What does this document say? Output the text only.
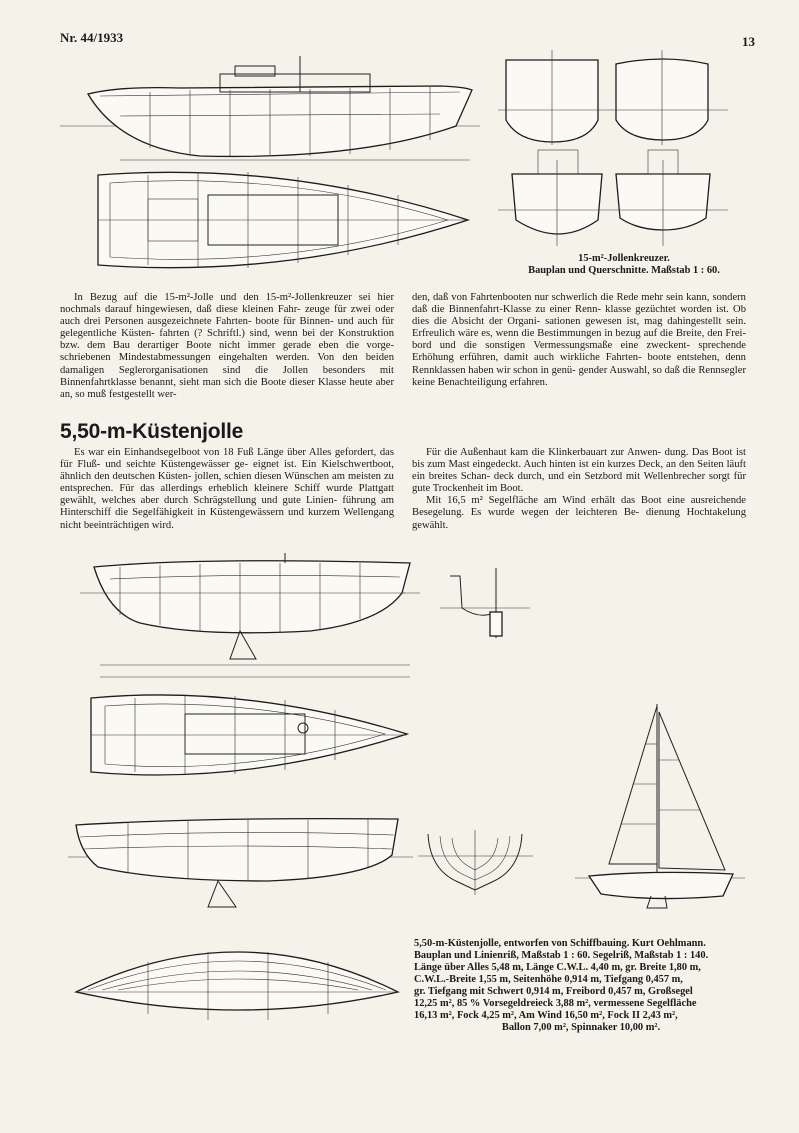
Nr. 44/1933	13
15-m²-Jollenkreuzer.
Bauplan und Querschnitte. Maßstab 1 : 60.

In Bezug auf die 15-m²-Jolle und den 15-m²-Jollenkreuzer sei hier nochmals darauf hingewiesen, daß diese kleinen Fahr- zeuge für zwei oder auch drei Personen ausgezeichnete Fahrten- boote für Binnen- und auch für gelegentliche Küsten- fahrten (? Schriftl.) sind, wenn bei der Konstruktion bzw. dem Bau derartiger Boote nicht immer gerade eben die vorge- schriebenen Mindestabmessungen eingehalten werden. Von den beiden damaligen Seglerorganisationen sind die Jollen besonders mit Binnenfahrtklasse benannt, sieht man sich die Boote dieser Klasse heute aber an, so muß festgestellt wer-

den, daß von Fahrtenbooten nur schwerlich die Rede mehr sein kann, sondern daß die Binnenfahrt-Klasse zu einer Renn- klasse gezüchtet worden ist. Ob dies die Absicht der Organi- sationen gewesen ist, mag dahingestellt sein. Erfreulich wäre es, wenn die Bestimmungen in bezug auf die Breite, den Frei- bord und die sonstigen Vermessungsmaße eine zweckent- sprechende Erhöhung erführen, damit auch wirkliche Fahrten- boote entstehen, denn Rennklassen haben wir schon in genü- gender Auswahl, so daß die Rennsegler keine Benachteiligung erfahren.

5,50-m-Küstenjolle

Es war ein Einhandsegelboot von 18 Fuß Länge über Alles gefordert, das für Fluß- und seichte Küstengewässer ge- eignet ist. Ein Kielschwertboot, ähnlich den deutschen Küsten- jollen, schien diesen Wünschen am meisten zu entsprechen. Für das allerdings erheblich kleinere Schiff wurde Plattgatt gewählt, welches aber durch Schrägstellung und gute Linien- führung am Hinterschiff die Segelfähigkeit in Küstengewässern und kurzem Wellengang nicht beeinträchtigen wird.

Für die Außenhaut kam die Klinkerbauart zur Anwen- dung. Das Boot ist bis zum Mast eingedeckt. Auch hinten ist ein kurzes Deck, an den Seiten läuft ein breites Schan- deck durch, und ein Setzbord mit Wellenbrecher sorgt für gute Trockenheit im Boot.

Mit 16,5 m² Segelfläche am Wind erhält das Boot eine ausreichende Besegelung. Es wurde wegen der leichteren Be- dienung Hochtakelung gewählt.

5,50-m-Küstenjolle, entworfen von Schiffbauing. Kurt Oehlmann.
Bauplan und Linienriß, Maßstab 1 : 60. Segelriß, Maßstab 1 : 140.
Länge über Alles 5,48 m, Länge C.W.L. 4,40 m, gr. Breite 1,80 m,
C.W.L.-Breite 1,55 m, Seitenhöhe 0,914 m, Tiefgang 0,457 m,
gr. Tiefgang mit Schwert 0,914 m, Freibord 0,457 m, Großsegel
12,25 m², 85 % Vorsegeldreieck 3,88 m², vermessene Segelfläche
16,13 m², Fock 4,25 m², Am Wind 16,50 m², Fock II 2,43 m²,
Ballon 7,00 m², Spinnaker 10,00 m².
